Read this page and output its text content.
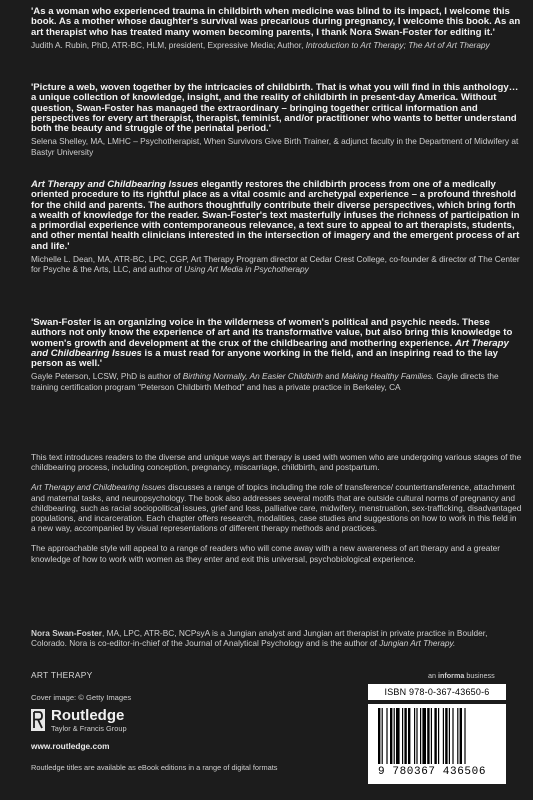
'As a woman who experienced trauma in childbirth when medicine was blind to its impact, I welcome this book. As a mother whose daughter's survival was precarious during pregnancy, I welcome this book. As an art therapist who has treated many women becoming parents, I thank Nora Swan-Foster for editing it.'

Judith A. Rubin, PhD, ATR-BC, HLM, president, Expressive Media; Author, Introduction to Art Therapy; The Art of Art Therapy

'Picture a web, woven together by the intricacies of childbirth. That is what you will find in this anthology… a unique collection of knowledge, insight, and the reality of childbirth in present-day America. Without question, Swan-Foster has managed the extraordinary – bringing together critical information and perspectives for every art therapist, therapist, feminist, and/or practitioner who wants to better understand both the beauty and struggle of the perinatal period.'

Selena Shelley, MA, LMHC – Psychotherapist, When Survivors Give Birth Trainer, & adjunct faculty in the Department of Midwifery at Bastyr University

Art Therapy and Childbearing Issues elegantly restores the childbirth process from one of a medically oriented procedure to its rightful place as a vital cosmic and archetypal experience – a profound threshold for the child and parents. The authors thoughtfully contribute their diverse perspectives, which bring forth a wealth of knowledge for the reader. Swan-Foster's text masterfully infuses the richness of participation in a primordial experience with contemporaneous relevance, a text sure to appeal to art therapists, students, and other mental health clinicians interested in the intersection of imagery and the emergent process of art and life.'

Michelle L. Dean, MA, ATR-BC, LPC, CGP, Art Therapy Program director at Cedar Crest College, co-founder & director of The Center for Psyche & the Arts, LLC, and author of Using Art Media in Psychotherapy

'Swan-Foster is an organizing voice in the wilderness of women's political and psychic needs. These authors not only know the experience of art and its transformative value, but also bring this knowledge to women's growth and development at the crux of the childbearing and mothering experience. Art Therapy and Childbearing Issues is a must read for anyone working in the field, and an inspiring read to the lay person as well.'

Gayle Peterson, LCSW, PhD is author of Birthing Normally, An Easier Childbirth and Making Healthy Families. Gayle directs the training certification program "Peterson Childbirth Method" and has a private practice in Berkeley, CA

This text introduces readers to the diverse and unique ways art therapy is used with women who are undergoing various stages of the childbearing process, including conception, pregnancy, miscarriage, childbirth, and postpartum.

Art Therapy and Childbearing Issues discusses a range of topics including the role of transference/ countertransference, attachment and maternal tasks, and neuropsychology. The book also addresses several motifs that are outside cultural norms of pregnancy and childbearing, such as racial sociopolitical issues, grief and loss, palliative care, midwifery, menstruation, sex-trafficking, disadvantaged populations, and incarceration. Each chapter offers research, modalities, case studies and suggestions on how to work in this field in a new way, accompanied by visual representations of different therapy methods and practices.

The approachable style will appeal to a range of readers who will come away with a new awareness of art therapy and a greater knowledge of how to work with women as they enter and exit this universal, psychobiological experience.

Nora Swan-Foster, MA, LPC, ATR-BC, NCPsyA is a Jungian analyst and Jungian art therapist in private practice in Boulder, Colorado. Nora is co-editor-in-chief of the Journal of Analytical Psychology and is the author of Jungian Art Therapy.

ART THERAPY
Cover image: © Getty Images
Routledge
Taylor & Francis Group
www.routledge.com
an informa business
ISBN 978-0-367-43650-6
9 780367 436506
Routledge titles are available as eBook editions in a range of digital formats
